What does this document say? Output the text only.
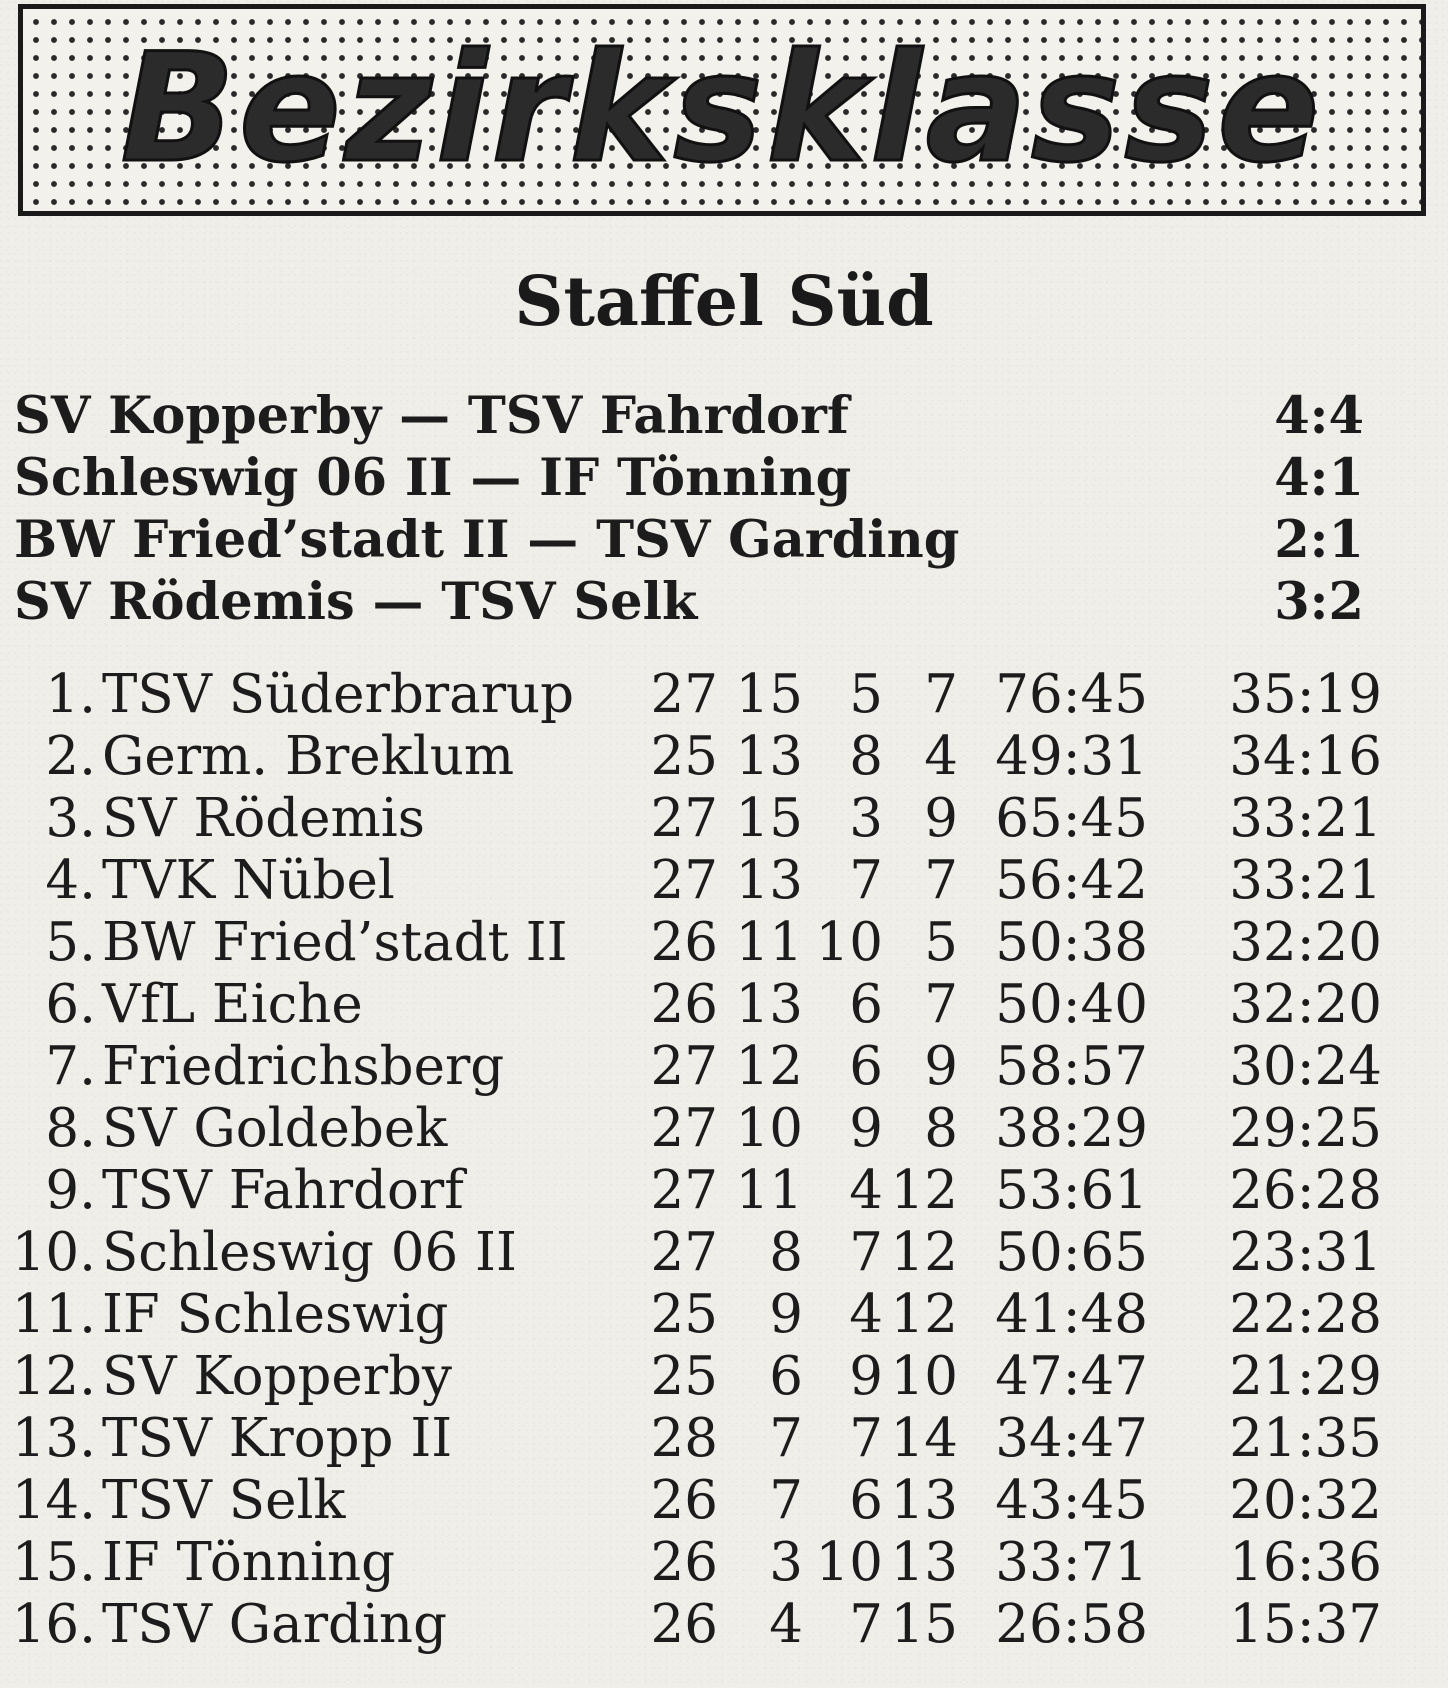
Bezirksklasse
Staffel Süd
SV Kopperby — TSV Fahrdorf	4:4
Schleswig 06 II — IF Tönning	4:1
BW Fried’stadt II — TSV Garding	2:1
SV Rödemis — TSV Selk	3:2
1. TSV Süderbrarup 27 15 5 7 76:45 35:19
2. Germ. Breklum	25 13 8 4 49:31 34:16
3. SV Rödemis	27 15 3 9 65:45 33:21
4. TVK Nübel	27 13 7 7 56:42 33:21
5. BW Fried’stadt II 26 11 10 5 50:38 32:20
6. VfL Eiche	26 13 6 7 50:40 32:20
7. Friedrichsberg	27 12 6 9 58:57 30:24
8. SV Goldebek	27 10 9 8 38:29 29:25
9. TSV Fahrdorf	27 11 4 12 53:61 26:28
10. Schleswig 06 II	27 8 7 12 50:65 23:31
11. IF Schleswig	25 9 4 12 41:48 22:28
12. SV Kopperby	25 6 9 10 47:47 21:29
13. TSV Kropp II	28 7 7 14 34:47 21:35
14. TSV Selk	26 7 6 13 43:45 20:32
15. IF Tönning	26 3 10 13 33:71 16:36
16. TSV Garding	26 4 7 15 26:58 15:37
